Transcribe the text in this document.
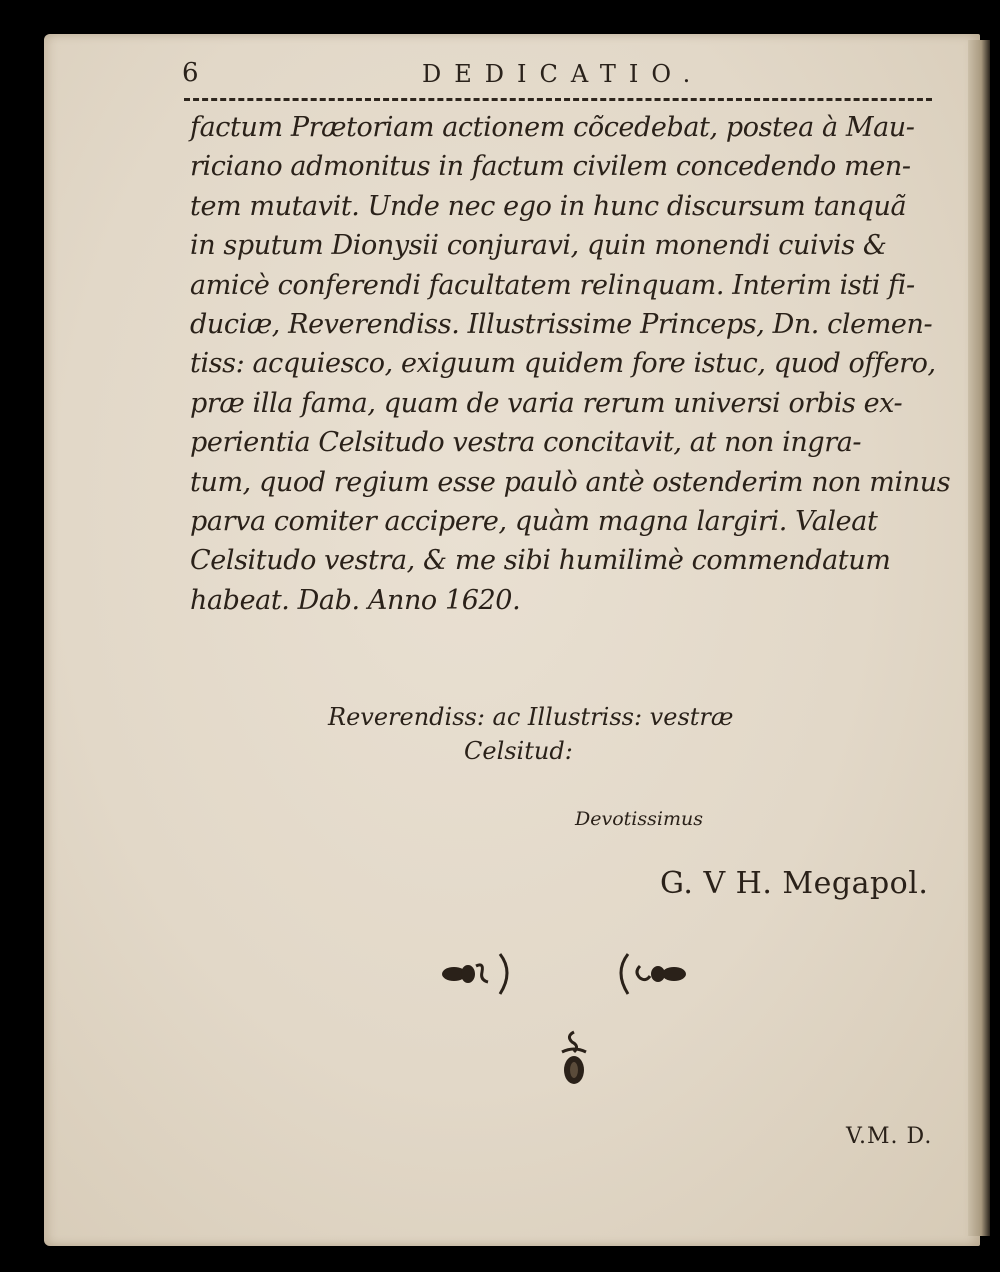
6	DEDICATIO.

factum Prætoriam actionem cõcedebat, postea à Mau-
riciano admonitus in factum civilem concedendo men-
tem mutavit. Unde nec ego in hunc discursum tanquã
in sputum Dionysii conjuravi, quin monendi cuivis &
amicè conferendi facultatem relinquam. Interim isti fi-
duciæ, Reverendiss. Illustrissime Princeps, Dn. clemen-
tiss: acquiesco, exiguum quidem fore istuc, quod offero,
præ illa fama, quam de varia rerum universi orbis ex-
perientia Celsitudo vestra concitavit, at non ingra-
tum, quod regium esse paulò antè ostenderim non minus
parva comiter accipere, quàm magna largiri. Valeat
Celsitudo vestra, & me sibi humilimè commendatum
habeat. Dab. Anno 1620.

Reverendiss: ac Illustriss: vestræ
Celsitud:
Devotissimus
G. V H. Megapol.
V.M. D.
